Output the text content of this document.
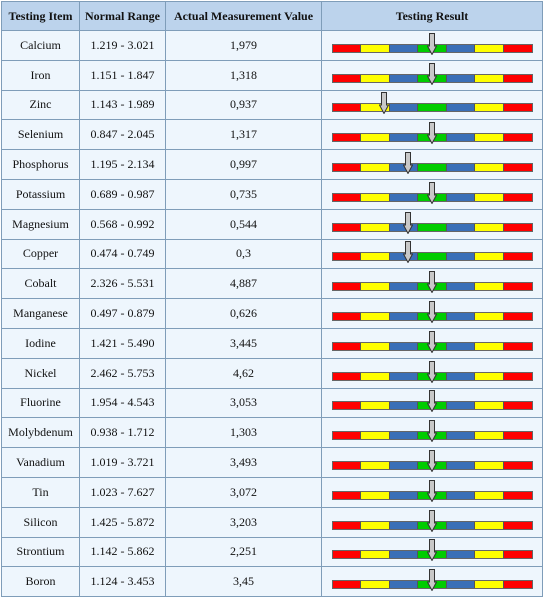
Testing Item	Normal Range	Actual Measurement Value	Testing Result
Calcium	1.219 - 3.021	1,979	

Iron	1.151 - 1.847	1,318	

Zinc	1.143 - 1.989	0,937	

Selenium	0.847 - 2.045	1,317	

Phosphorus	1.195 - 2.134	0,997	

Potassium	0.689 - 0.987	0,735	

Magnesium	0.568 - 0.992	0,544	

Copper	0.474 - 0.749	0,3	

Cobalt	2.326 - 5.531	4,887	

Manganese	0.497 - 0.879	0,626	

Iodine	1.421 - 5.490	3,445	

Nickel	2.462 - 5.753	4,62	

Fluorine	1.954 - 4.543	3,053	

Molybdenum	0.938 - 1.712	1,303	

Vanadium	1.019 - 3.721	3,493	

Tin	1.023 - 7.627	3,072	

Silicon	1.425 - 5.872	3,203	

Strontium	1.142 - 5.862	2,251	

Boron	1.124 - 3.453	3,45	
